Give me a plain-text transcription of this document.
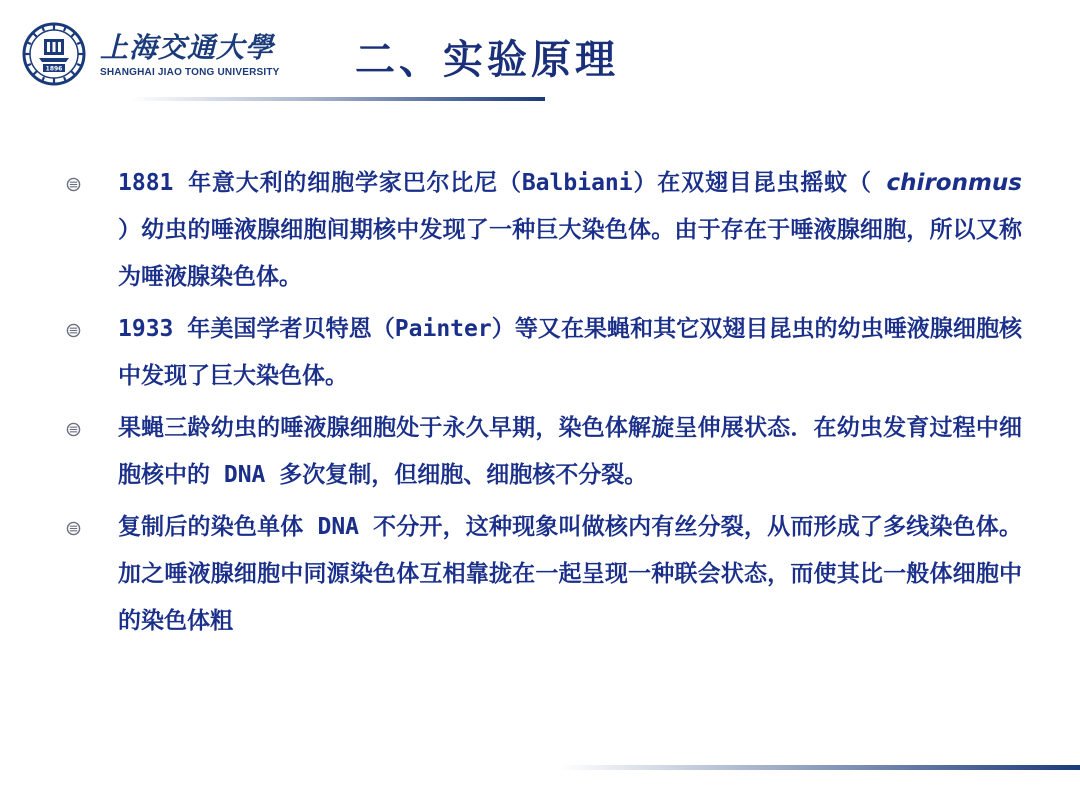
1896
上海交通大學
SHANGHAI JIAO TONG UNIVERSITY 二、实验原理
1881 年意大利的细胞学家巴尔比尼（Balbiani）在双翅目昆虫摇蚊（ chironmus ）幼虫的唾液腺细胞间期核中发现了一种巨大染色体。由于存在于唾液腺细胞，所以又称为唾液腺染色体。
1933 年美国学者贝特恩（Painter）等又在果蝇和其它双翅目昆虫的幼虫唾液腺细胞核中发现了巨大染色体。
果蝇三龄幼虫的唾液腺细胞处于永久早期，染色体解旋呈伸展状态．在幼虫发育过程中细胞核中的 DNA 多次复制，但细胞、细胞核不分裂。
复制后的染色单体 DNA 不分开，这种现象叫做核内有丝分裂，从而形成了多线染色体。加之唾液腺细胞中同源染色体互相靠拢在一起呈现一种联会状态，而使其比一般体细胞中的染色体粗
